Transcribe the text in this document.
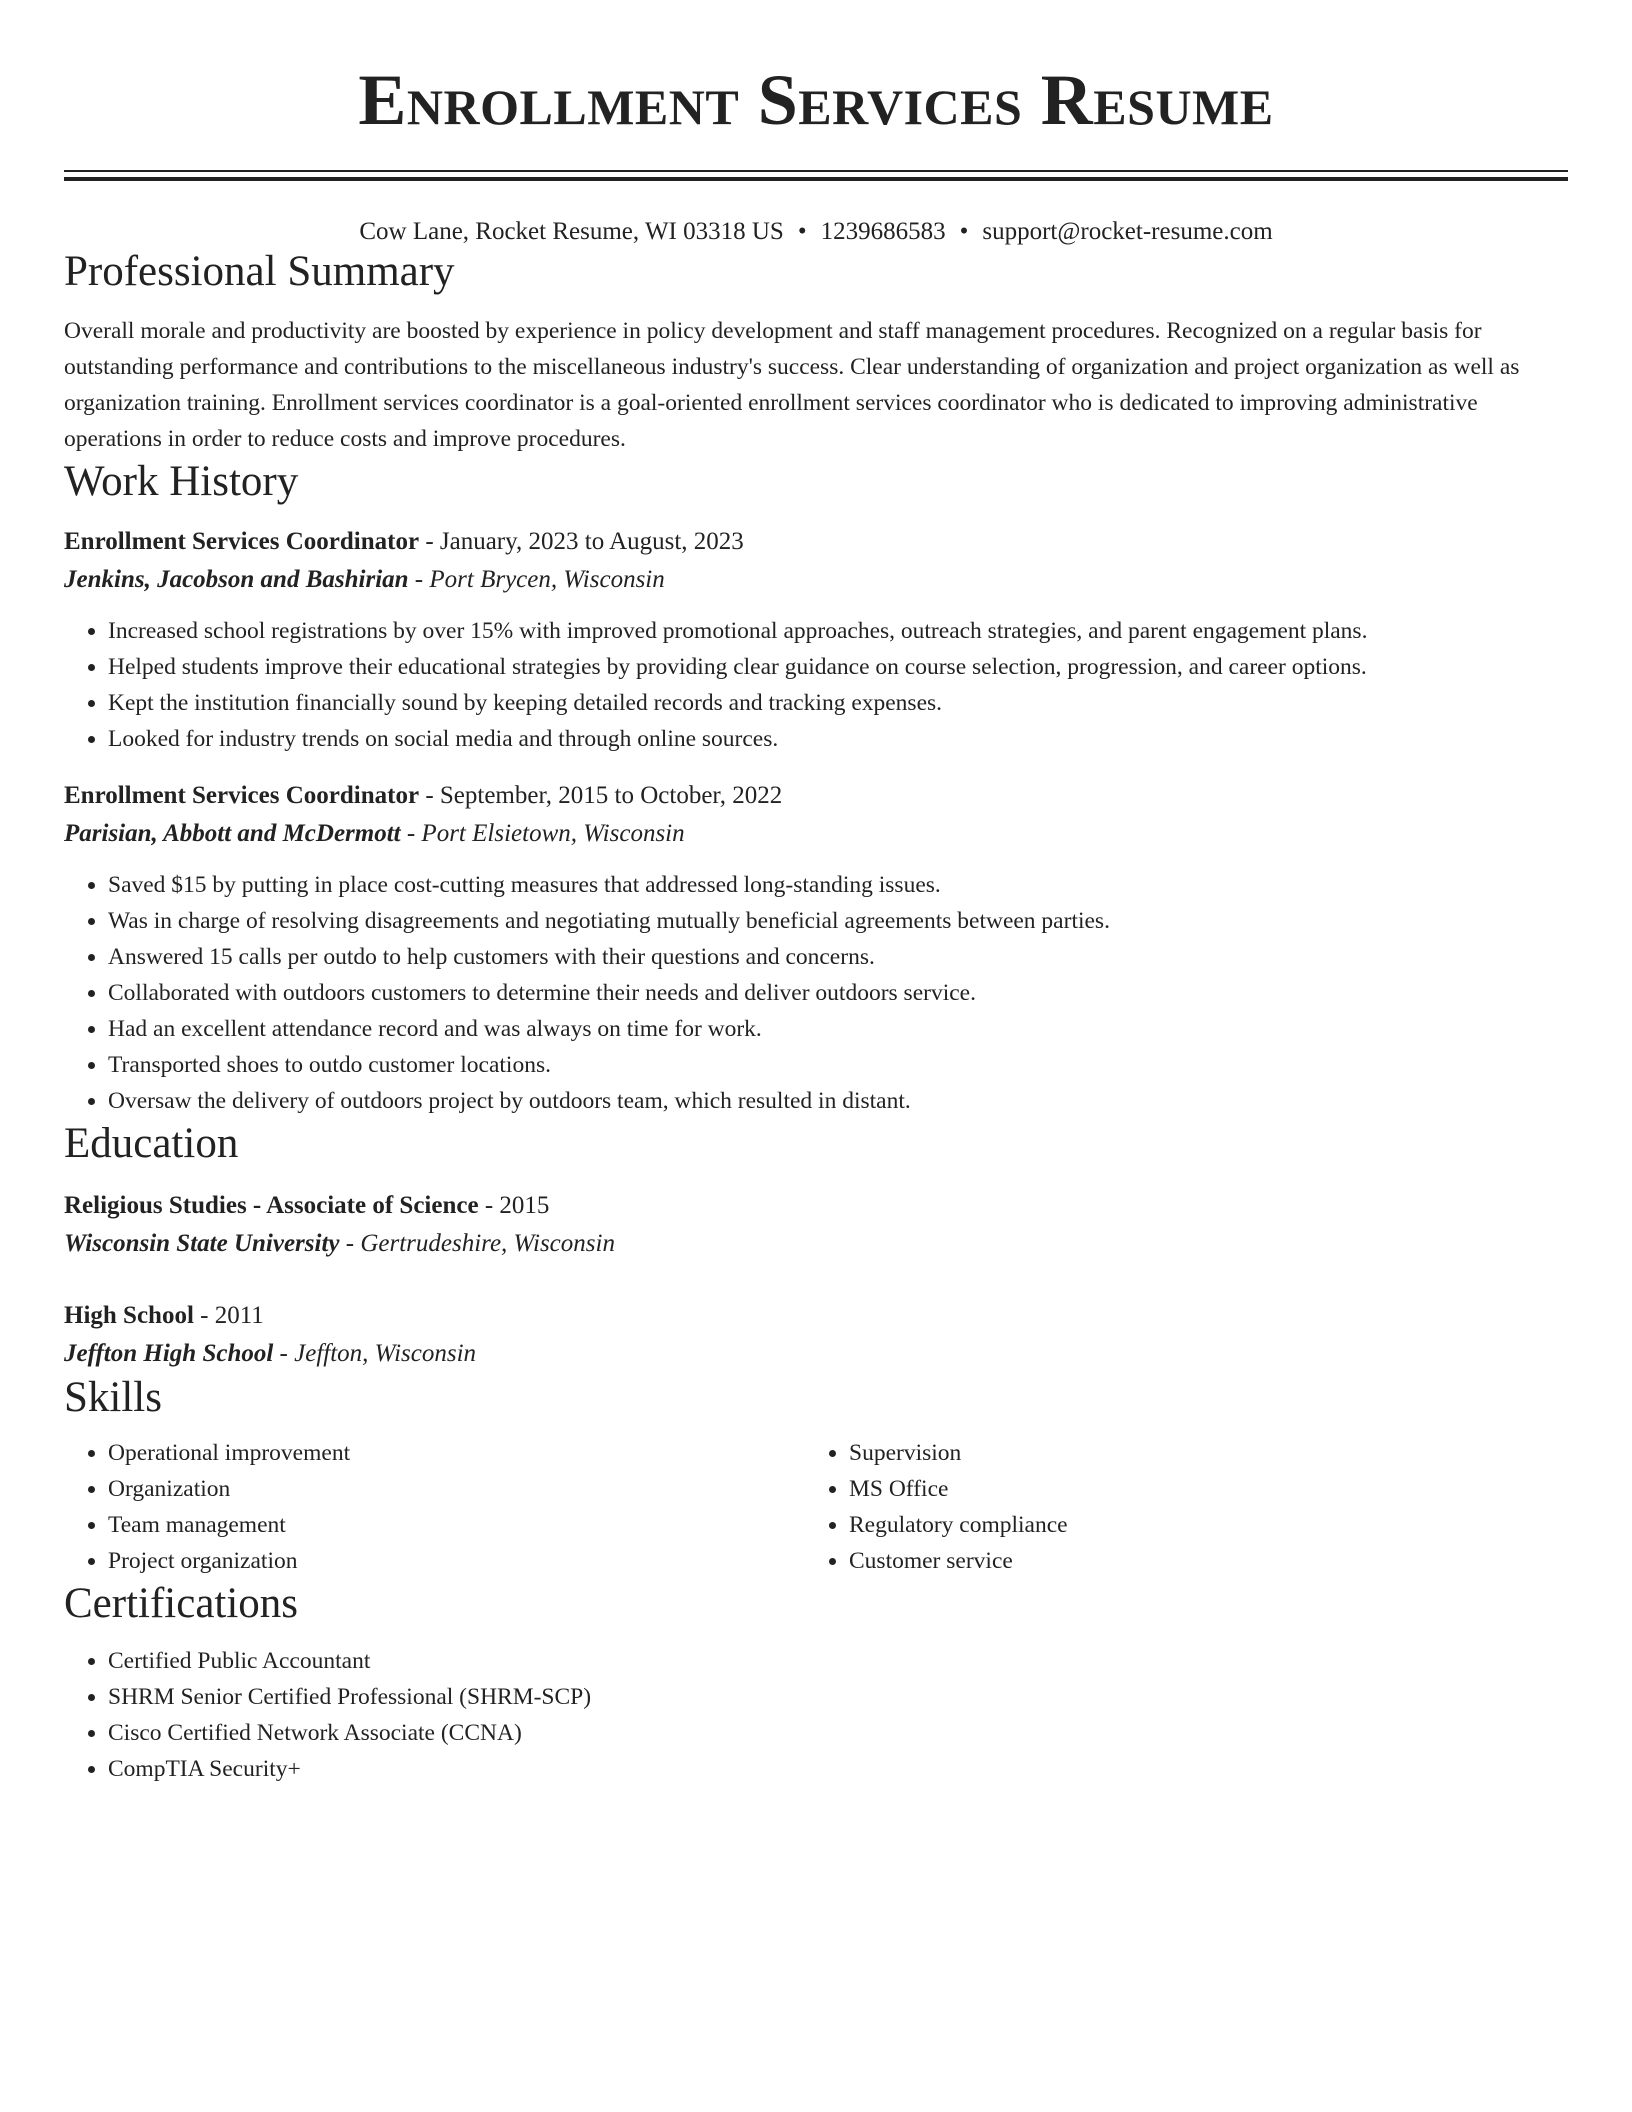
Enrollment Services Resume
Cow Lane, Rocket Resume, WI 03318 US • 1239686583 • support@rocket-resume.com
Professional Summary
Overall morale and productivity are boosted by experience in policy development and staff management procedures. Recognized on a regular basis for outstanding performance and contributions to the miscellaneous industry's success. Clear understanding of organization and project organization as well as organization training. Enrollment services coordinator is a goal-oriented enrollment services coordinator who is dedicated to improving administrative operations in order to reduce costs and improve procedures.
Work History
Enrollment Services Coordinator - January, 2023 to August, 2023
Jenkins, Jacobson and Bashirian - Port Brycen, Wisconsin
• Increased school registrations by over 15% with improved promotional approaches, outreach strategies, and parent engagement plans.
• Helped students improve their educational strategies by providing clear guidance on course selection, progression, and career options.
• Kept the institution financially sound by keeping detailed records and tracking expenses.
• Looked for industry trends on social media and through online sources.
Enrollment Services Coordinator - September, 2015 to October, 2022
Parisian, Abbott and McDermott - Port Elsietown, Wisconsin
• Saved $15 by putting in place cost-cutting measures that addressed long-standing issues.
• Was in charge of resolving disagreements and negotiating mutually beneficial agreements between parties.
• Answered 15 calls per outdo to help customers with their questions and concerns.
• Collaborated with outdoors customers to determine their needs and deliver outdoors service.
• Had an excellent attendance record and was always on time for work.
• Transported shoes to outdo customer locations.
• Oversaw the delivery of outdoors project by outdoors team, which resulted in distant.
Education
Religious Studies - Associate of Science - 2015
Wisconsin State University - Gertrudeshire, Wisconsin
High School - 2011
Jeffton High School - Jeffton, Wisconsin
Skills
• Operational improvement
• Organization
• Team management
• Project organization
• Supervision
• MS Office
• Regulatory compliance
• Customer service
Certifications
• Certified Public Accountant
• SHRM Senior Certified Professional (SHRM-SCP)
• Cisco Certified Network Associate (CCNA)
• CompTIA Security+
